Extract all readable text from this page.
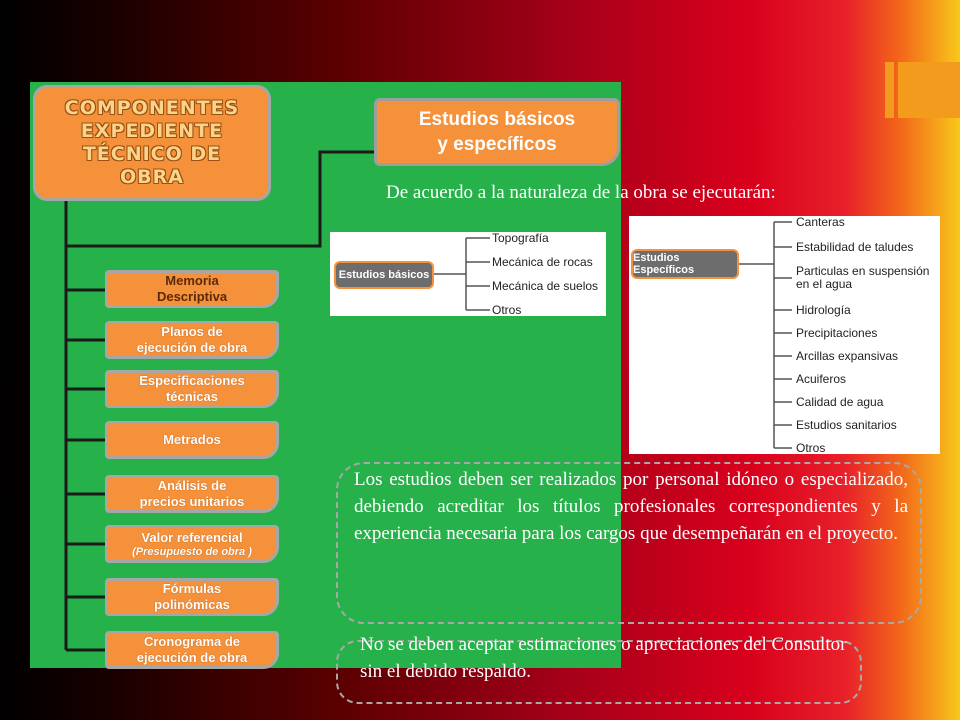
COMPONENTES
EXPEDIENTE
TÉCNICO DE
OBRA
Estudios básicos
y específicos
Memoria
Descriptiva
Planos de
ejecución de obra
Especificaciones
técnicas
Metrados
Análisis de
precios unitarios

Valor referencial

(Presupuesto de obra )

Fórmulas
polinómicas
Cronograma de
ejecución de obra
De acuerdo a la naturaleza de la obra se ejecutarán:
Estudios básicos
Topografía
Mecánica de rocas
Mecánica de suelos
Otros
Estudios Específicos
Canteras
Estabilidad de taludes
Particulas en suspensión
en el agua
Hidrología
Precipitaciones
Arcillas expansivas
Acuiferos
Calidad de agua
Estudios sanitarios
Otros
Los estudios deben ser realizados por personal idóneo o especializado, debiendo acreditar los títulos profesionales correspondientes y la experiencia necesaria para los cargos que desempeñarán en el proyecto.
No se deben aceptar estimaciones o apreciaciones del Consultor sin el debido respaldo.
